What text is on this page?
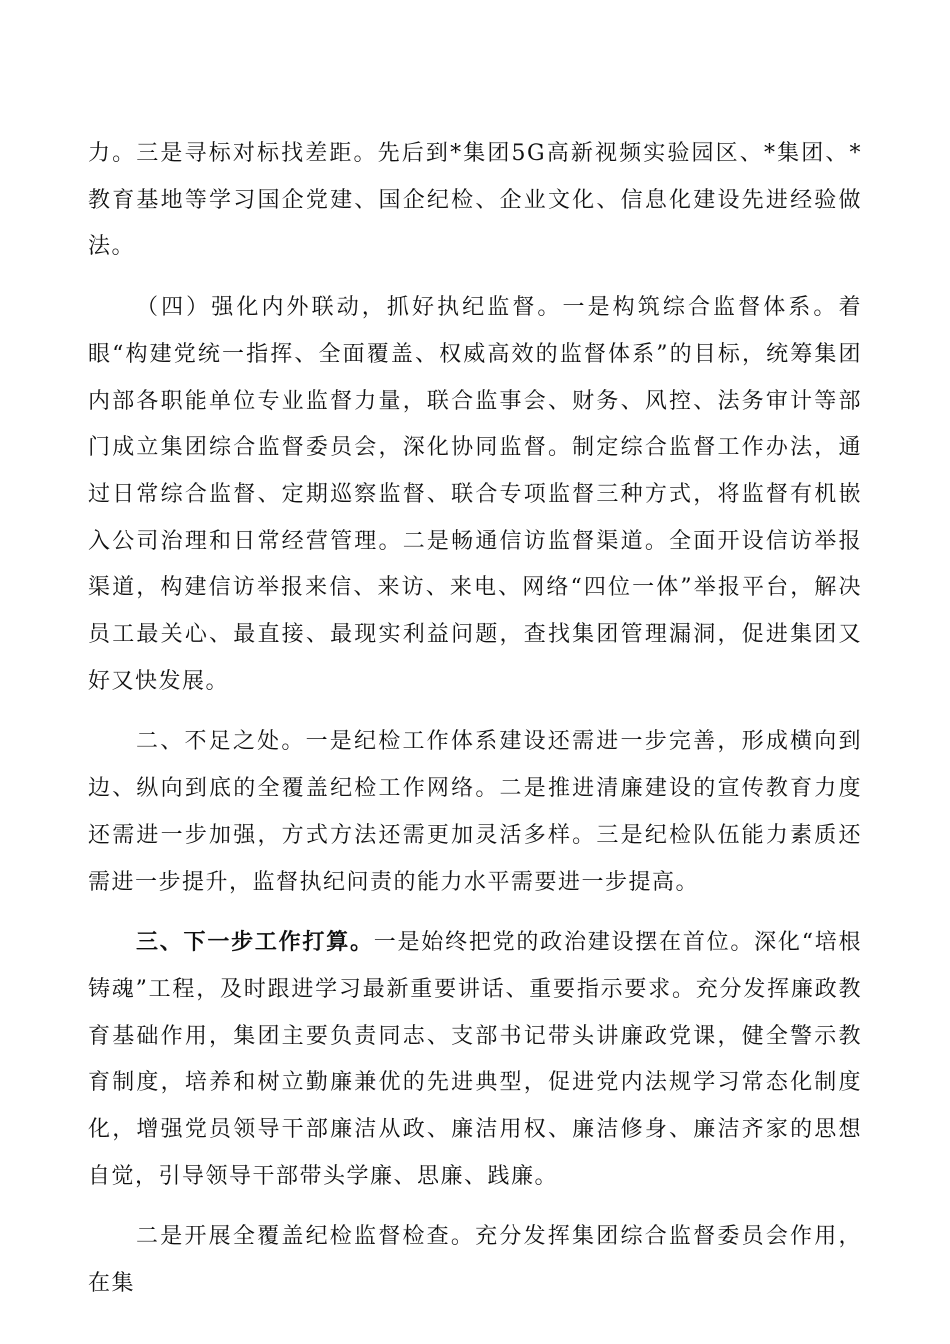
力。三是寻标对标找差距。先后到*集团5G高新视频实验园区、*集团、*教育基地等学习国企党建、国企纪检、企业文化、信息化建设先进经验做法。

（四）强化内外联动，抓好执纪监督。一是构筑综合监督体系。着眼“构建党统一指挥、全面覆盖、权威高效的监督体系”的目标，统筹集团内部各职能单位专业监督力量，联合监事会、财务、风控、法务审计等部门成立集团综合监督委员会，深化协同监督。制定综合监督工作办法，通过日常综合监督、定期巡察监督、联合专项监督三种方式，将监督有机嵌入公司治理和日常经营管理。二是畅通信访监督渠道。全面开设信访举报渠道，构建信访举报来信、来访、来电、网络“四位一体”举报平台，解决员工最关心、最直接、最现实利益问题，查找集团管理漏洞，促进集团又好又快发展。

二、不足之处。一是纪检工作体系建设还需进一步完善，形成横向到边、纵向到底的全覆盖纪检工作网络。二是推进清廉建设的宣传教育力度还需进一步加强，方式方法还需更加灵活多样。三是纪检队伍能力素质还需进一步提升，监督执纪问责的能力水平需要进一步提高。

三、下一步工作打算。一是始终把党的政治建设摆在首位。深化“培根铸魂”工程，及时跟进学习最新重要讲话、重要指示要求。充分发挥廉政教育基础作用，集团主要负责同志、支部书记带头讲廉政党课，健全警示教育制度，培养和树立勤廉兼优的先进典型，促进党内法规学习常态化制度化，增强党员领导干部廉洁从政、廉洁用权、廉洁修身、廉洁齐家的思想自觉，引导领导干部带头学廉、思廉、践廉。

二是开展全覆盖纪检监督检查。充分发挥集团综合监督委员会作用，在集
